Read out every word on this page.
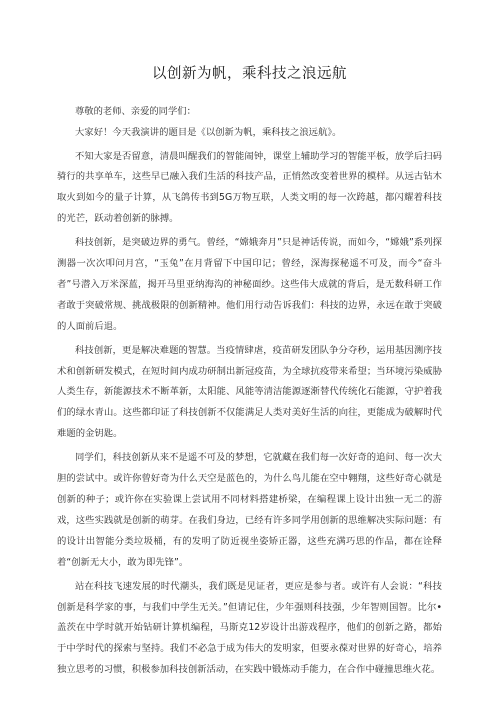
以创新为帆，乘科技之浪远航

尊敬的老师、亲爱的同学们：

大家好！今天我演讲的题目是《以创新为帆，乘科技之浪远航》。

不知大家是否留意，清晨叫醒我们的智能闹钟，课堂上辅助学习的智能平板，放学后扫码骑行的共享单车，这些早已融入我们生活的科技产品，正悄然改变着世界的模样。从远古钻木取火到如今的量子计算，从飞鸽传书到5G万物互联，人类文明的每一次跨越，都闪耀着科技的光芒，跃动着创新的脉搏。

科技创新，是突破边界的勇气。曾经，“嫦娥奔月”只是神话传说，而如今，“嫦娥”系列探测器一次次叩问月宫，“玉兔”在月背留下中国印记；曾经，深海探秘遥不可及，而今“奋斗者”号潜入万米深蓝，揭开马里亚纳海沟的神秘面纱。这些伟大成就的背后，是无数科研工作者敢于突破常规、挑战极限的创新精神。他们用行动告诉我们：科技的边界，永远在敢于突破的人面前后退。

科技创新，更是解决难题的智慧。当疫情肆虐，疫苗研发团队争分夺秒，运用基因测序技术和创新研发模式，在短时间内成功研制出新冠疫苗，为全球抗疫带来希望；当环境污染威胁人类生存，新能源技术不断革新，太阳能、风能等清洁能源逐渐替代传统化石能源，守护着我们的绿水青山。这些都印证了科技创新不仅能满足人类对美好生活的向往，更能成为破解时代难题的金钥匙。

同学们，科技创新从来不是遥不可及的梦想，它就藏在我们每一次好奇的追问、每一次大胆的尝试中。或许你曾好奇为什么天空是蓝色的，为什么鸟儿能在空中翱翔，这些好奇心就是创新的种子；或许你在实验课上尝试用不同材料搭建桥梁，在编程课上设计出独一无二的游戏，这些实践就是创新的萌芽。在我们身边，已经有许多同学用创新的思维解决实际问题：有的设计出智能分类垃圾桶，有的发明了防近视坐姿矫正器，这些充满巧思的作品，都在诠释着“创新无大小，敢为即先锋”。

站在科技飞速发展的时代潮头，我们既是见证者，更应是参与者。或许有人会说：“科技创新是科学家的事，与我们中学生无关。”但请记住，少年强则科技强，少年智则国智。比尔•盖茨在中学时就开始钻研计算机编程，马斯克12岁设计出游戏程序，他们的创新之路，都始于中学时代的探索与坚持。我们不必急于成为伟大的发明家，但要永葆对世界的好奇心，培养独立思考的习惯，积极参加科技创新活动，在实践中锻炼动手能力，在合作中碰撞思维火花。
